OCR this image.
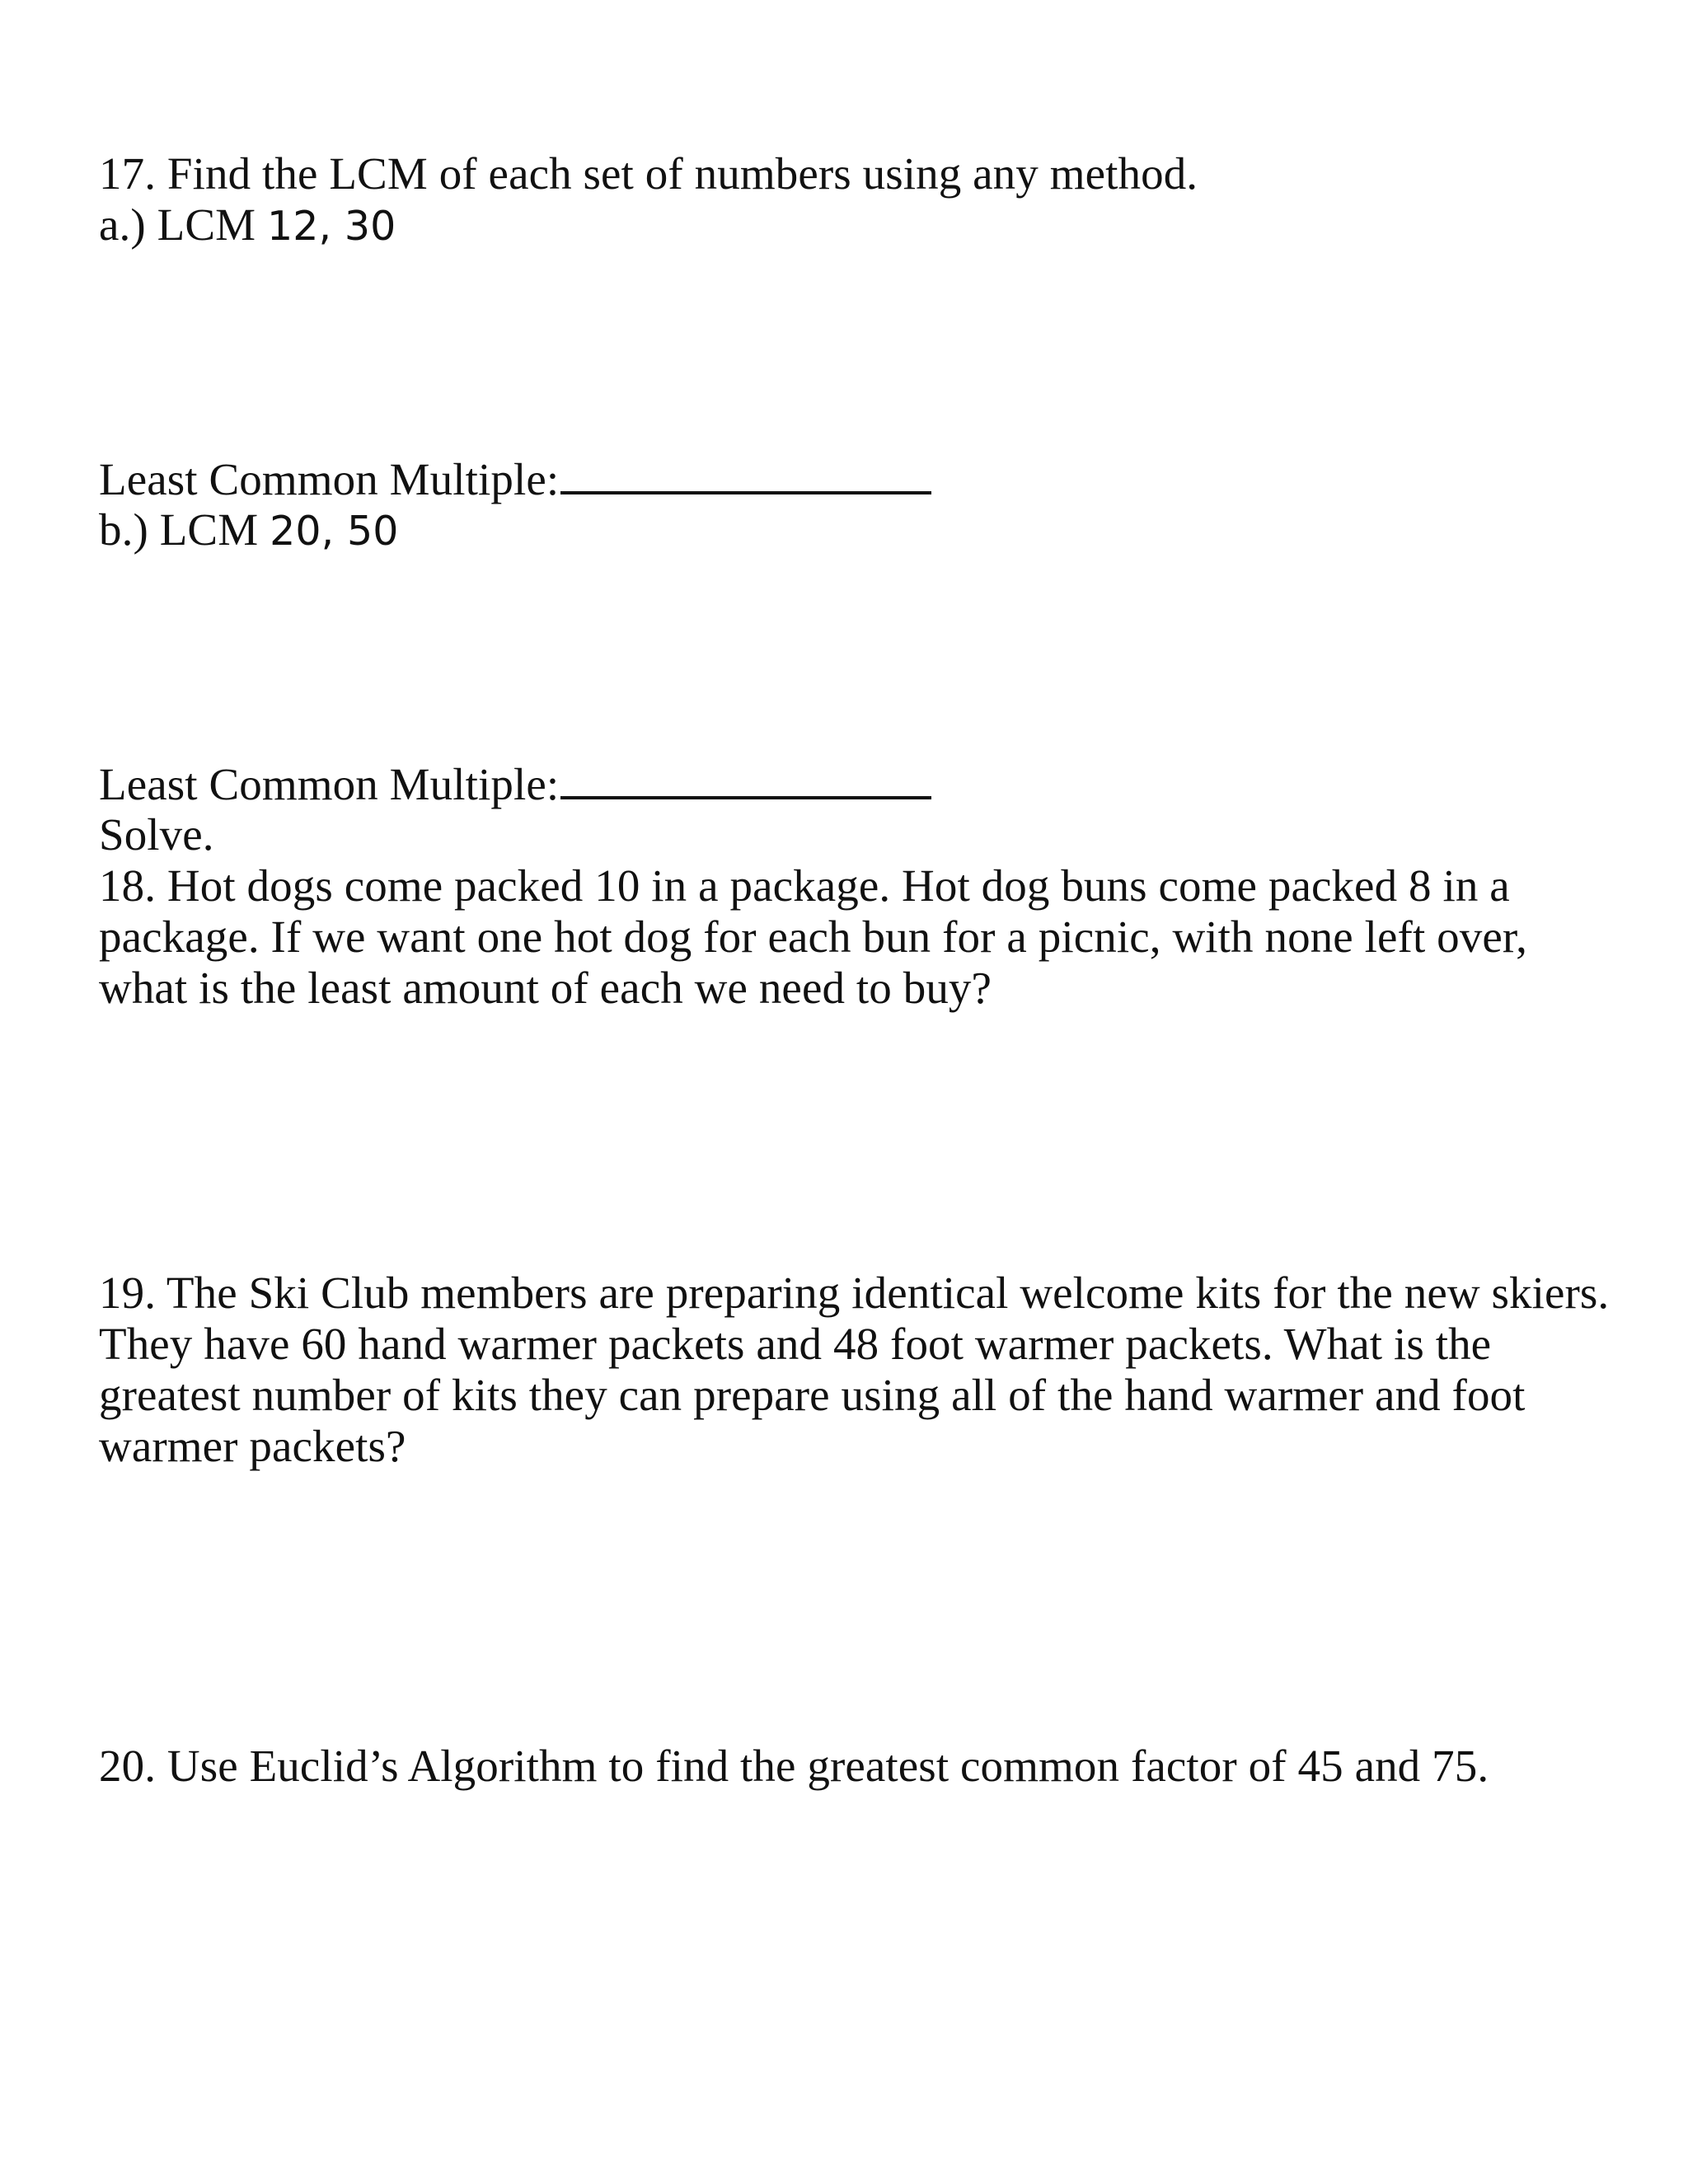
17. Find the LCM of each set of numbers using any method.
a.) LCM 12, 30
Least Common Multiple:
b.) LCM 20, 50
Least Common Multiple:
Solve.
18. Hot dogs come packed 10 in a package. Hot dog buns come packed 8 in a
package. If we want one hot dog for each bun for a picnic, with none left over,
what is the least amount of each we need to buy?
19. The Ski Club members are preparing identical welcome kits for the new skiers.
They have 60 hand warmer packets and 48 foot warmer packets. What is the
greatest number of kits they can prepare using all of the hand warmer and foot
warmer packets?
20. Use Euclid’s Algorithm to find the greatest common factor of 45 and 75.
